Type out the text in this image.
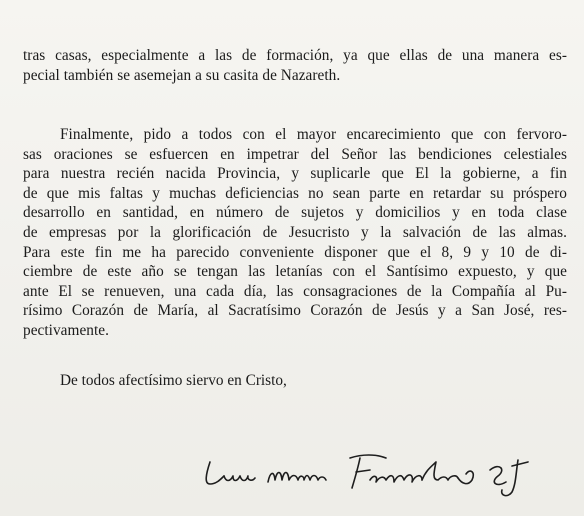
tras casas, especialmente a las de formación, ya que ellas de una manera es-
pecial también se asemejan a su casita de Nazareth.
Finalmente, pido a todos con el mayor encarecimiento que con fervoro-
sas oraciones se esfuercen en impetrar del Señor las bendiciones celestiales
para nuestra recién nacida Provincia, y suplicarle que El la gobierne, a fin
de que mis faltas y muchas deficiencias no sean parte en retardar su próspero
desarrollo en santidad, en número de sujetos y domicilios y en toda clase
de empresas por la glorificación de Jesucristo y la salvación de las almas.
Para este fin me ha parecido conveniente disponer que el 8, 9 y 10 de di-
ciembre de este año se tengan las letanías con el Santísimo expuesto, y que
ante El se renueven, una cada día, las consagraciones de la Compañía al Pu-
rísimo Corazón de María, al Sacratísimo Corazón de Jesús y a San José, res-
pectivamente.
De todos afectísimo siervo en Cristo,
